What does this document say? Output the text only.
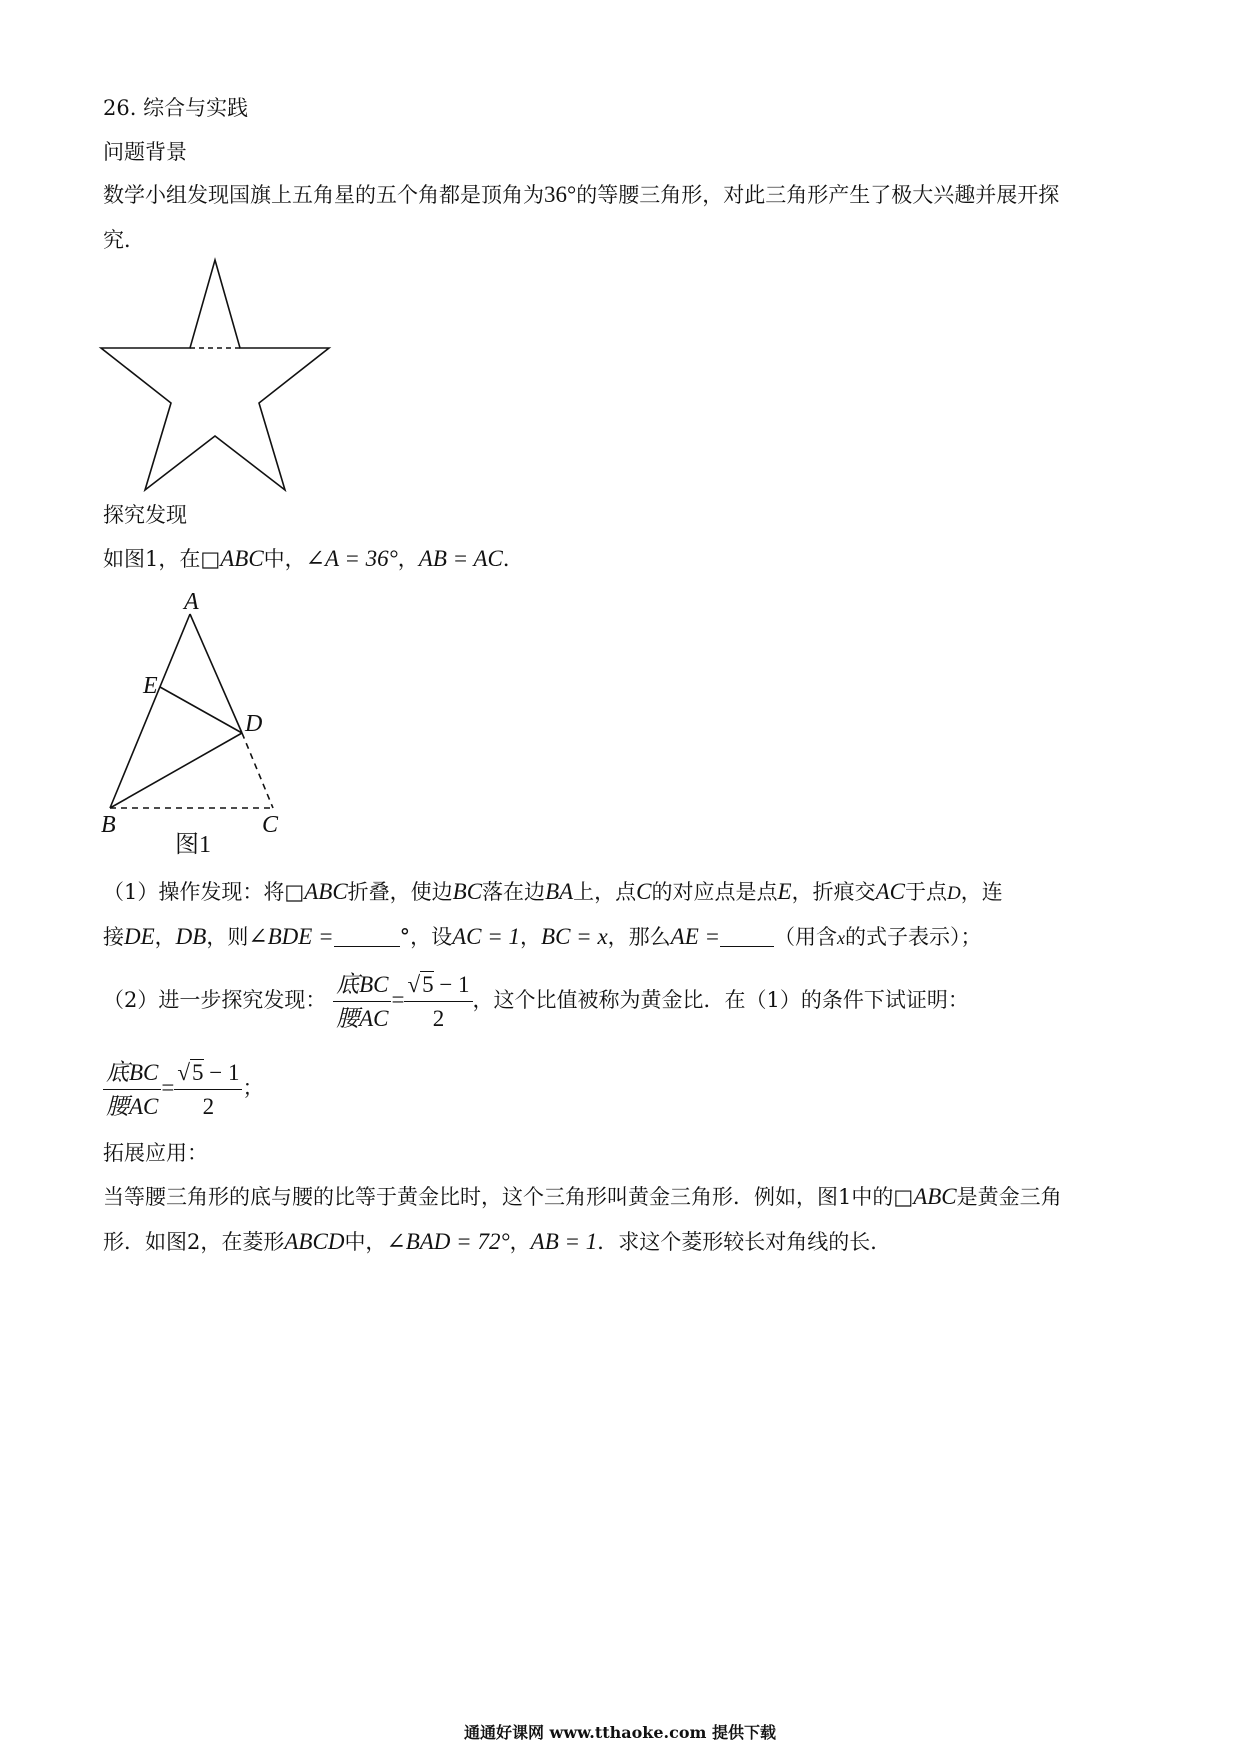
26. 综合与实践
问题背景
数学小组发现国旗上五角星的五个角都是顶角为36°的等腰三角形，对此三角形产生了极大兴趣并展开探
究．
探究发现
如图1，在□ABC中，∠A = 36°，AB = AC．
A
E
D
B	C
图1
（1）操作发现：将□ABC折叠，使边BC落在边BA上，点C的对应点是点E，折痕交AC于点D，连
接DE，DB，则∠BDE =	°，设AC = 1，BC = x，那么AE =	（用含x的式子表示）；
（2）进一步探究发现： $\frac{\text{底BC}}{\text{腰AC}} = \frac{√5 - 1}{2}$ ，这个比值被称为黄金比．在（1）的条件下试证明：
$\frac{\text{底BC}}{\text{腰AC}} = \frac{√5 - 1}{2}$ ；
拓展应用：
当等腰三角形的底与腰的比等于黄金比时，这个三角形叫黄金三角形．例如，图1中的□ABC是黄金三角
形．如图2，在菱形ABCD中，∠BAD = 72°，AB = 1．求这个菱形较长对角线的长．
通通好课网 www.tthaoke.com 提供下载
